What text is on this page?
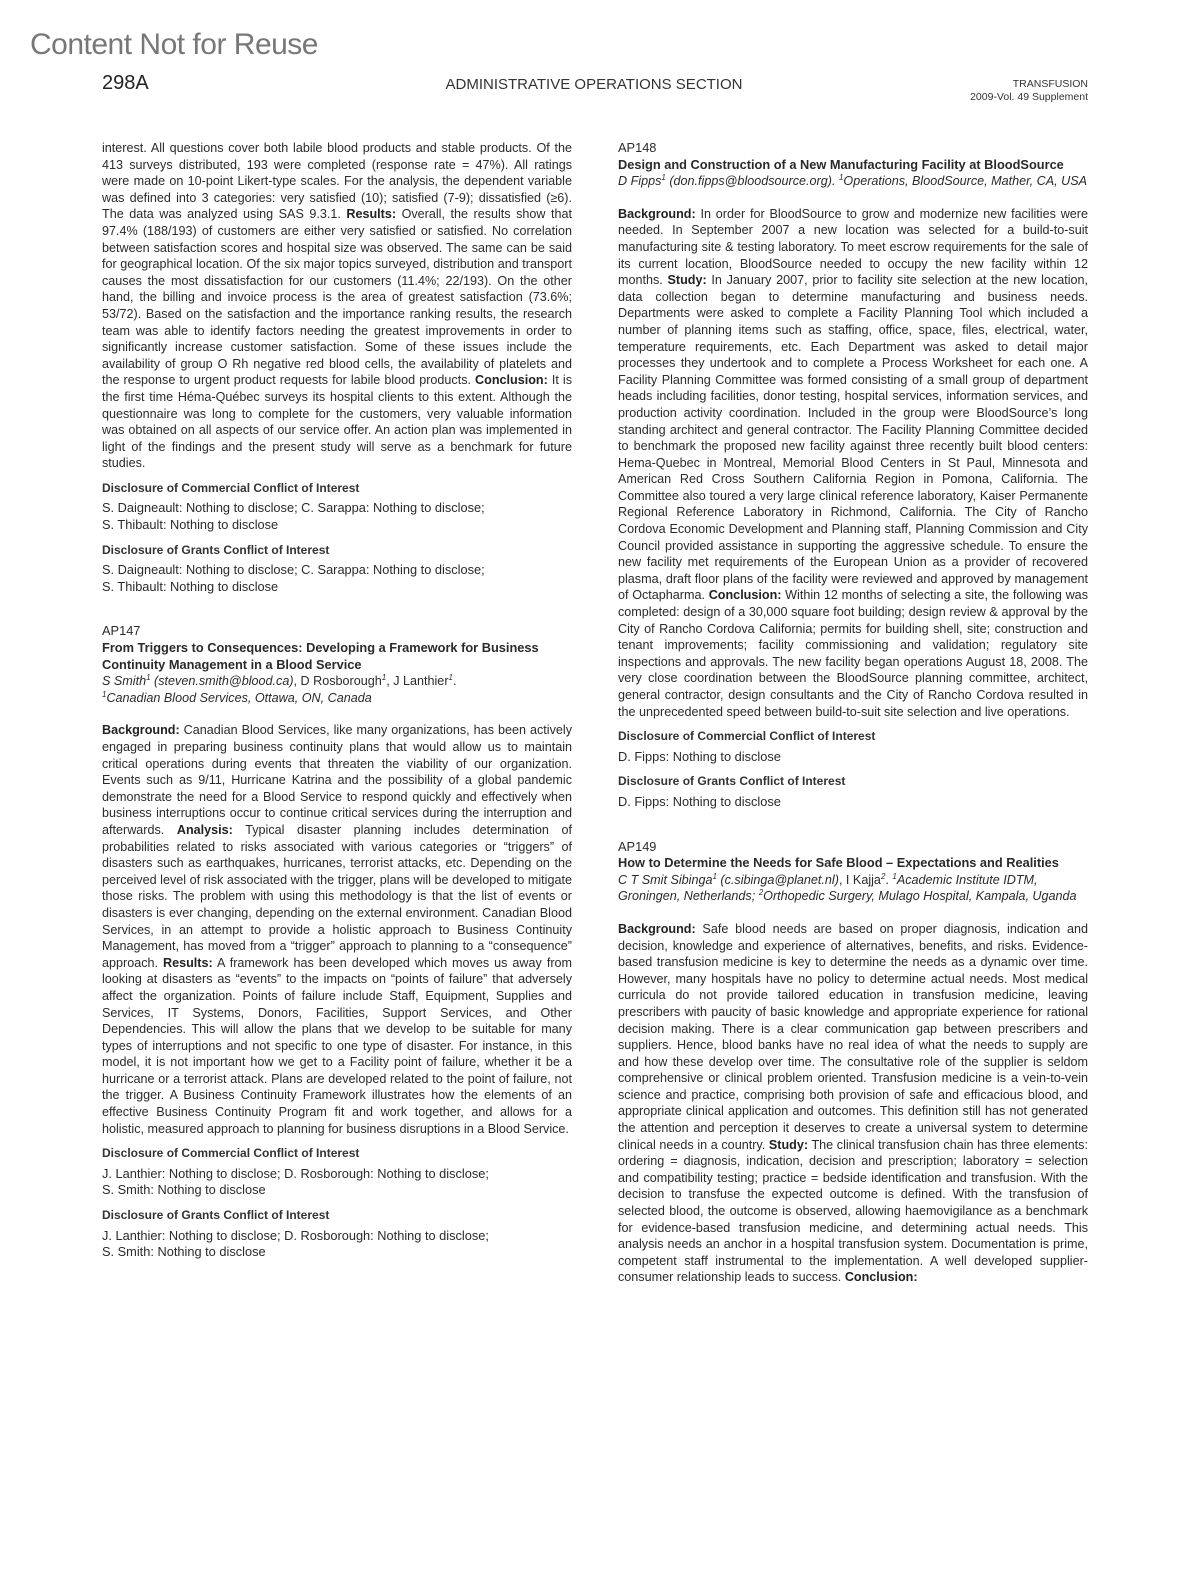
Content Not for Reuse
298A	ADMINISTRATIVE OPERATIONS SECTION	TRANSFUSION
2009-Vol. 49 Supplement

interest. All questions cover both labile blood products and stable products. Of the 413 surveys distributed, 193 were completed (response rate = 47%). All ratings were made on 10-point Likert-type scales. For the analysis, the dependent variable was defined into 3 categories: very satisfied (10); satisfied (7-9); dissatisfied (≥6). The data was analyzed using SAS 9.3.1. Results: Overall, the results show that 97.4% (188/193) of customers are either very satisfied or satisfied. No correlation between satisfaction scores and hospital size was observed. The same can be said for geographical location. Of the six major topics surveyed, distribution and transport causes the most dissatisfaction for our customers (11.4%; 22/193). On the other hand, the billing and invoice process is the area of greatest satisfaction (73.6%; 53/72). Based on the satisfaction and the importance ranking results, the research team was able to identify factors needing the greatest improvements in order to significantly increase customer satisfaction. Some of these issues include the availability of group O Rh negative red blood cells, the availability of platelets and the response to urgent product requests for labile blood products. Conclusion: It is the first time Héma-Québec surveys its hospital clients to this extent. Although the questionnaire was long to complete for the customers, very valuable information was obtained on all aspects of our service offer. An action plan was implemented in light of the findings and the present study will serve as a benchmark for future studies.

Disclosure of Commercial Conflict of Interest
S. Daigneault: Nothing to disclose; C. Sarappa: Nothing to disclose;
S. Thibault: Nothing to disclose
Disclosure of Grants Conflict of Interest
S. Daigneault: Nothing to disclose; C. Sarappa: Nothing to disclose;
S. Thibault: Nothing to disclose
AP147
From Triggers to Consequences: Developing a Framework for Business Continuity Management in a Blood Service
S Smith$^1$ (steven.smith@blood.ca), D Rosborough$^1$, J Lanthier$^1$.
$^1$Canadian Blood Services, Ottawa, ON, Canada

Background: Canadian Blood Services, like many organizations, has been actively engaged in preparing business continuity plans that would allow us to maintain critical operations during events that threaten the viability of our organization. Events such as 9/11, Hurricane Katrina and the possibility of a global pandemic demonstrate the need for a Blood Service to respond quickly and effectively when business interruptions occur to continue critical services during the interruption and afterwards. Analysis: Typical disaster planning includes determination of probabilities related to risks associated with various categories or “triggers” of disasters such as earthquakes, hurricanes, terrorist attacks, etc. Depending on the perceived level of risk associated with the trigger, plans will be developed to mitigate those risks. The problem with using this methodology is that the list of events or disasters is ever changing, depending on the external environment. Canadian Blood Services, in an attempt to provide a holistic approach to Business Continuity Management, has moved from a “trigger” approach to planning to a “consequence” approach. Results: A framework has been developed which moves us away from looking at disasters as “events” to the impacts on “points of failure” that adversely affect the organization. Points of failure include Staff, Equipment, Supplies and Services, IT Systems, Donors, Facilities, Support Services, and Other Dependencies. This will allow the plans that we develop to be suitable for many types of interruptions and not specific to one type of disaster. For instance, in this model, it is not important how we get to a Facility point of failure, whether it be a hurricane or a terrorist attack. Plans are developed related to the point of failure, not the trigger. A Business Continuity Framework illustrates how the elements of an effective Business Continuity Program fit and work together, and allows for a holistic, measured approach to planning for business disruptions in a Blood Service.

Disclosure of Commercial Conflict of Interest
J. Lanthier: Nothing to disclose; D. Rosborough: Nothing to disclose;
S. Smith: Nothing to disclose
Disclosure of Grants Conflict of Interest
J. Lanthier: Nothing to disclose; D. Rosborough: Nothing to disclose;
S. Smith: Nothing to disclose
AP148
Design and Construction of a New Manufacturing Facility at BloodSource
D Fipps$^1$ (don.fipps@bloodsource.org). $^1$Operations, BloodSource, Mather, CA, USA

Background: In order for BloodSource to grow and modernize new facilities were needed. In September 2007 a new location was selected for a build-to-suit manufacturing site & testing laboratory. To meet escrow requirements for the sale of its current location, BloodSource needed to occupy the new facility within 12 months. Study: In January 2007, prior to facility site selection at the new location, data collection began to determine manufacturing and business needs. Departments were asked to complete a Facility Planning Tool which included a number of planning items such as staffing, office, space, files, electrical, water, temperature requirements, etc. Each Department was asked to detail major processes they undertook and to complete a Process Worksheet for each one. A Facility Planning Committee was formed consisting of a small group of department heads including facilities, donor testing, hospital services, information services, and production activity coordination. Included in the group were BloodSource’s long standing architect and general contractor. The Facility Planning Committee decided to benchmark the proposed new facility against three recently built blood centers: Hema-Quebec in Montreal, Memorial Blood Centers in St Paul, Minnesota and American Red Cross Southern California Region in Pomona, California. The Committee also toured a very large clinical reference laboratory, Kaiser Permanente Regional Reference Laboratory in Richmond, California. The City of Rancho Cordova Economic Development and Planning staff, Planning Commission and City Council provided assistance in supporting the aggressive schedule. To ensure the new facility met requirements of the European Union as a provider of recovered plasma, draft floor plans of the facility were reviewed and approved by management of Octapharma. Conclusion: Within 12 months of selecting a site, the following was completed: design of a 30,000 square foot building; design review & approval by the City of Rancho Cordova California; permits for building shell, site; construction and tenant improvements; facility commissioning and validation; regulatory site inspections and approvals. The new facility began operations August 18, 2008. The very close coordination between the BloodSource planning committee, architect, general contractor, design consultants and the City of Rancho Cordova resulted in the unprecedented speed between build-to-suit site selection and live operations.

Disclosure of Commercial Conflict of Interest
D. Fipps: Nothing to disclose
Disclosure of Grants Conflict of Interest
D. Fipps: Nothing to disclose
AP149
How to Determine the Needs for Safe Blood – Expectations and Realities
C T Smit Sibinga$^1$ (c.sibinga@planet.nl), I Kajja$^2$. $^1$Academic Institute IDTM, Groningen, Netherlands; $^2$Orthopedic Surgery, Mulago Hospital, Kampala, Uganda

Background: Safe blood needs are based on proper diagnosis, indication and decision, knowledge and experience of alternatives, benefits, and risks. Evidence-based transfusion medicine is key to determine the needs as a dynamic over time. However, many hospitals have no policy to determine actual needs. Most medical curricula do not provide tailored education in transfusion medicine, leaving prescribers with paucity of basic knowledge and appropriate experience for rational decision making. There is a clear communication gap between prescribers and suppliers. Hence, blood banks have no real idea of what the needs to supply are and how these develop over time. The consultative role of the supplier is seldom comprehensive or clinical problem oriented. Transfusion medicine is a vein-to-vein science and practice, comprising both provision of safe and efficacious blood, and appropriate clinical application and outcomes. This definition still has not generated the attention and perception it deserves to create a universal system to determine clinical needs in a country. Study: The clinical transfusion chain has three elements: ordering = diagnosis, indication, decision and prescription; laboratory = selection and compatibility testing; practice = bedside identification and transfusion. With the decision to transfuse the expected outcome is defined. With the transfusion of selected blood, the outcome is observed, allowing haemovigilance as a benchmark for evidence-based transfusion medicine, and determining actual needs. This analysis needs an anchor in a hospital transfusion system. Documentation is prime, competent staff instrumental to the implementation. A well developed supplier-consumer relationship leads to success. Conclusion:
